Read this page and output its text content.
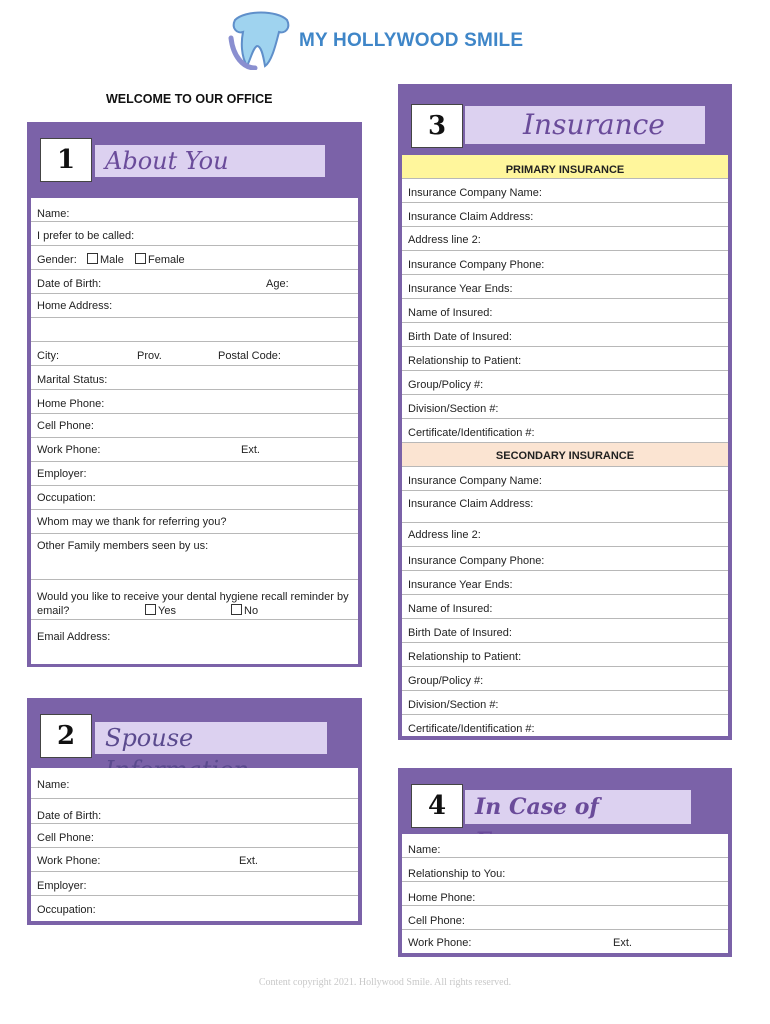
MY HOLLYWOOD SMILE
WELCOME TO OUR OFFICE
1	About You
Name:
I prefer to be called:
Gender:	Male	Female
Date of Birth:	Age:
Home Address:
City:	Prov.	Postal Code:
Marital Status:
Home Phone:
Cell Phone:
Work Phone:	Ext.
Employer:
Occupation:
Whom may we thank for referring you?
Other Family members seen by us:
Would you like to receive your dental hygiene recall reminder by
email?	Yes	No
Email Address:
2	Spouse
Name:
Date of Birth:
Cell Phone:
Work Phone:	Ext.
Employer:
Occupation:
3	Insurance
PRIMARY INSURANCE
Insurance Company Name:
Insurance Claim Address:
Address line 2:
Insurance Company Phone:
Insurance Year Ends:
Name of Insured:
Birth Date of Insured:
Relationship to Patient:
Group/Policy #:
Division/Section #:
Certificate/Identification #:
SECONDARY INSURANCE
Insurance Company Name:
Insurance Claim Address:
Address line 2:
Insurance Company Phone:
Insurance Year Ends:
Name of Insured:
Birth Date of Insured:
Relationship to Patient:
Group/Policy #:
Division/Section #:
Certificate/Identification #:
4	In Case of
Name:
Relationship to You:
Home Phone:
Cell Phone:
Work Phone:	Ext.
Content copyright 2021. Hollywood Smile. All rights reserved.
